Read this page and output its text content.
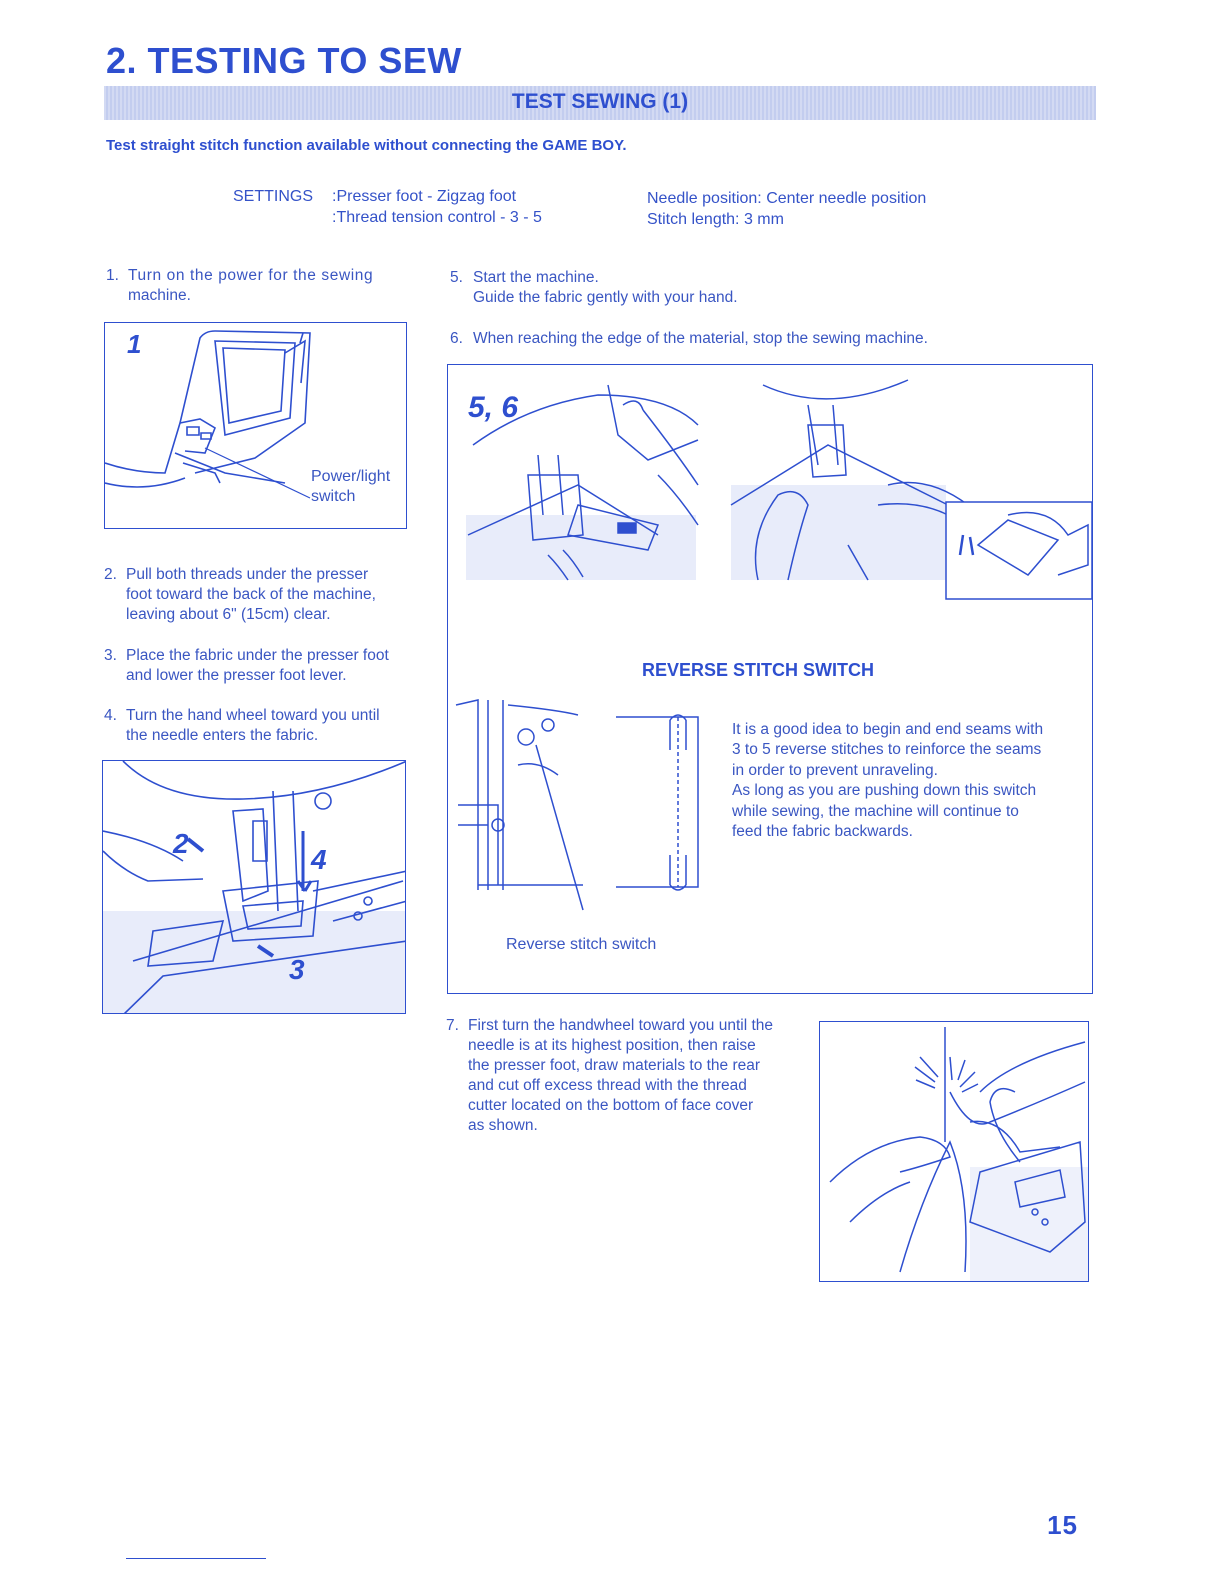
2. TESTING TO SEW
TEST SEWING (1)
Test straight stitch function available without connecting the GAME BOY.
SETTINGS :Presser foot - Zigzag foot
:Thread tension control - 3 - 5
Needle position: Center needle position
Stitch length: 3 mm
1. Turn on the power for the sewing
machine.
1
Power/light
switch
2. Pull both threads under the presser
foot toward the back of the machine,
leaving about 6" (15cm) clear.
3. Place the fabric under the presser foot
and lower the presser foot lever.
4. Turn the hand wheel toward you until
the needle enters the fabric.
2
3
4
5. Start the machine.
Guide the fabric gently with your hand.
6. When reaching the edge of the material, stop the sewing machine.
5, 6
REVERSE STITCH SWITCH
Reverse stitch switch
It is a good idea to begin and end seams with
3 to 5 reverse stitches to reinforce the seams
in order to prevent unraveling.
As long as you are pushing down this switch
while sewing, the machine will continue to
feed the fabric backwards.
7. First turn the handwheel toward you until the
needle is at its highest position, then raise
the presser foot, draw materials to the rear
and cut off excess thread with the thread
cutter located on the bottom of face cover
as shown.
15
